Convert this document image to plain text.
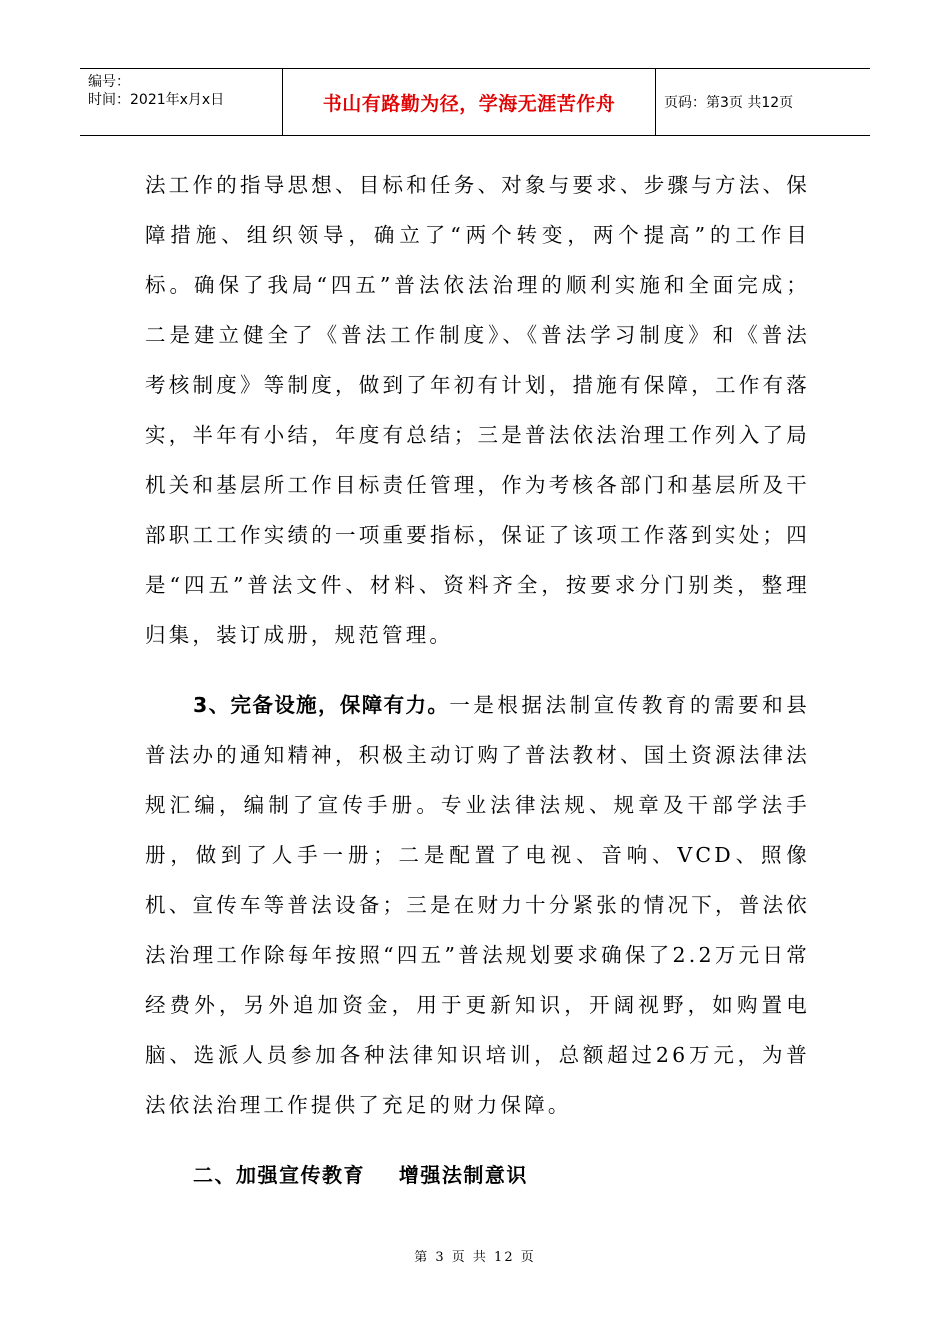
编号：
时间：2021年x月x日	书山有路勤为径，学海无涯苦作舟	页码：第3页 共12页

法工作的指导思想、目标和任务、对象与要求、步骤与方法、保障措施、组织领导，确立了“两个转变，两个提高”的工作目标。确保了我局“四五”普法依法治理的顺利实施和全面完成；二是建立健全了《普法工作制度》、《普法学习制度》和《普法考核制度》等制度，做到了年初有计划，措施有保障，工作有落实，半年有小结，年度有总结；三是普法依法治理工作列入了局机关和基层所工作目标责任管理，作为考核各部门和基层所及干部职工工作实绩的一项重要指标，保证了该项工作落到实处；四是“四五”普法文件、材料、资料齐全，按要求分门别类，整理归集，装订成册，规范管理。

3、完备设施，保障有力。一是根据法制宣传教育的需要和县普法办的通知精神，积极主动订购了普法教材、国土资源法律法规汇编，编制了宣传手册。专业法律法规、规章及干部学法手册，做到了人手一册；二是配置了电视、音响、VCD、照像机、宣传车等普法设备；三是在财力十分紧张的情况下，普法依法治理工作除每年按照“四五”普法规划要求确保了2.2万元日常经费外，另外追加资金，用于更新知识，开阔视野，如购置电脑、选派人员参加各种法律知识培训，总额超过26万元，为普法依法治理工作提供了充足的财力保障。

二、加强宣传教育    增强法制意识

第 3 页 共 12 页
